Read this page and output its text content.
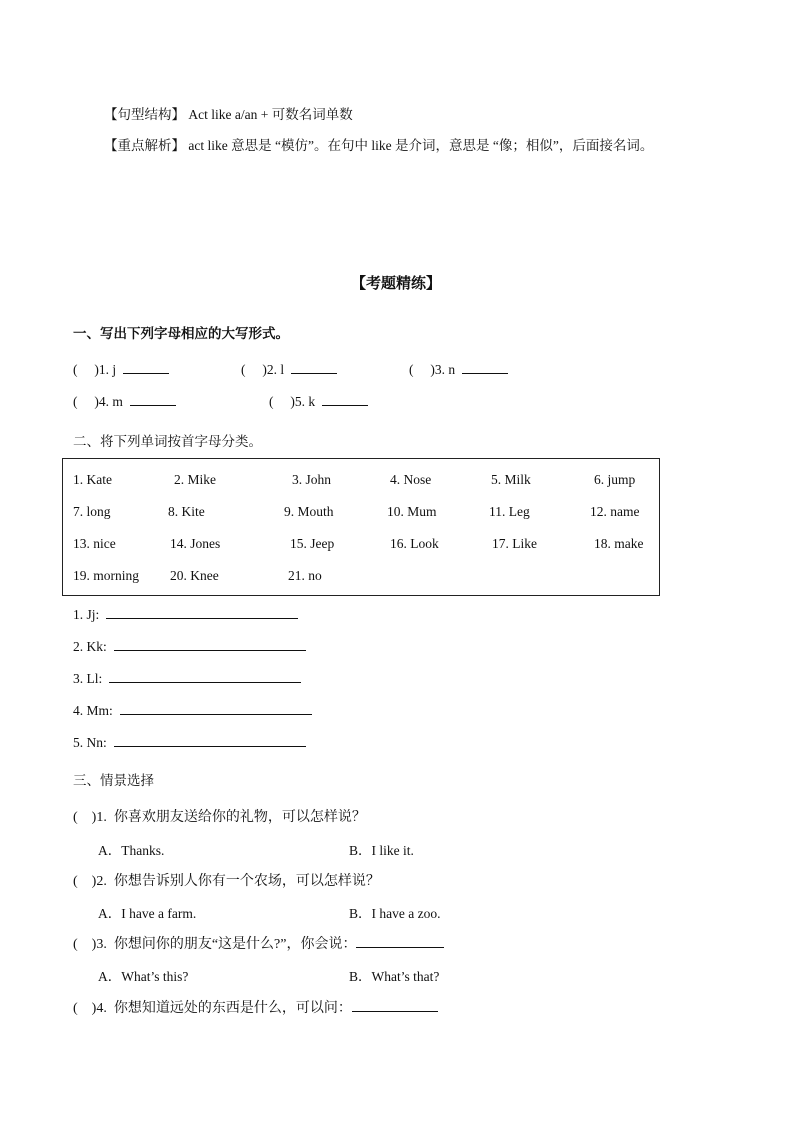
【句型结构】 Act like a/an + 可数名词单数
【重点解析】 act like 意思是 “模仿”。在句中 like 是介词，意思是 “像；相似”，后面接名词。
【考题精练】
一、写出下列字母相应的大写形式。
(     )1. j	(     )2. l	(     )3. n
(     )4. m	(     )5. k
二、将下列单词按首字母分类。
1. Kate	2. Mike	3. John	4. Nose	5. Milk	6. jump
7. long	8. Kite	9. Mouth	10. Mum	11. Leg	12. name
13. nice	14. Jones	15. Jeep	16. Look	17. Like	18. make
19. morning 20. Knee	21. no
1. Jj:
2. Kk:
3. Ll:
4. Mm:
5. Nn:
三、情景选择
(    )1. 你喜欢朋友送给你的礼物，可以怎样说？
A．Thanks.	B．I like it.
(    )2. 你想告诉别人你有一个农场，可以怎样说？
A．I have a farm.	B．I have a zoo.
(    )3. 你想问你的朋友“这是什么?”，你会说：
A．What’s this?	B．What’s that?
(    )4. 你想知道远处的东西是什么，可以问：
